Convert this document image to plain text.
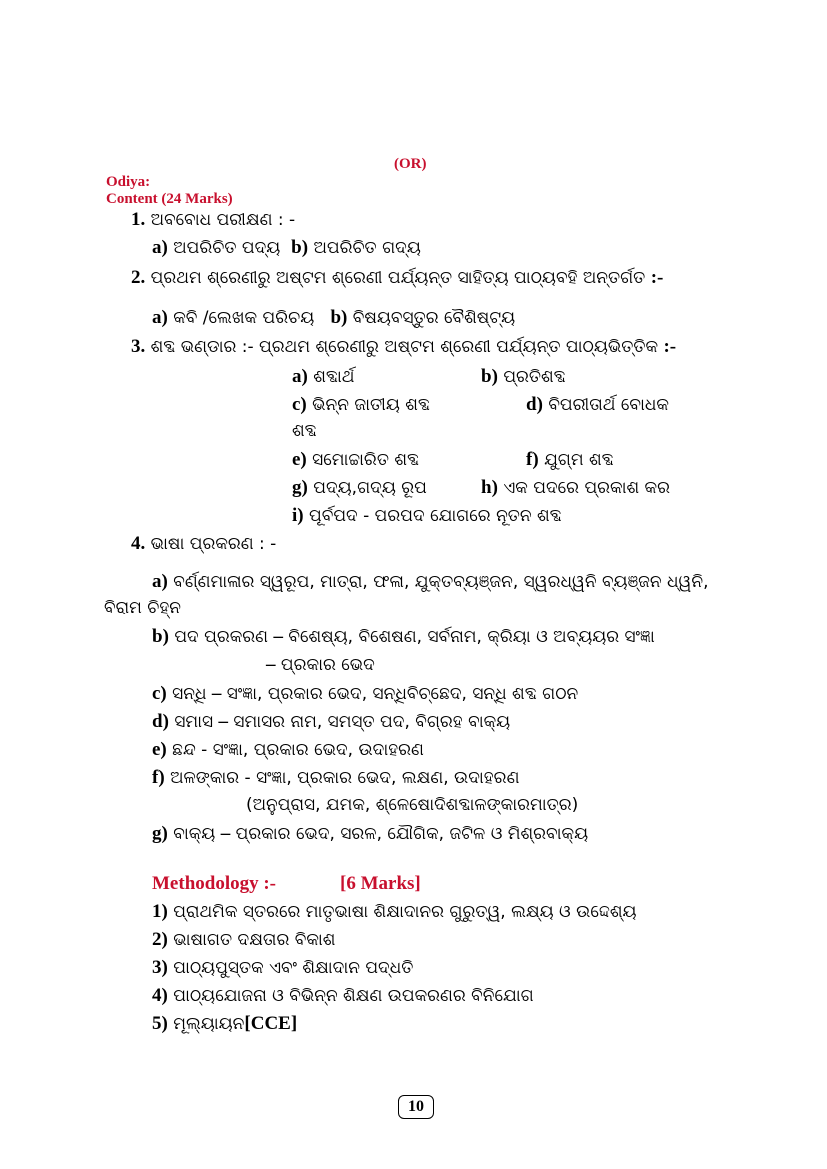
(OR)
Odiya:
Content (24 Marks)
1. ଅବବୋଧ ପରୀକ୍ଷଣ : -
a) ଅପରିଚିତ ପଦ୍ୟ b) ଅପରିଚିତ ଗଦ୍ୟ
2. ପ୍ରଥମ ଶ୍ରେଣୀରୁ ଅଷ୍ଟମ ଶ୍ରେଣୀ ପର୍ଯ୍ୟନ୍ତ ସାହିତ୍ୟ ପାଠ୍ୟବହି ଅନ୍ତର୍ଗତ :-
a) କବି /ଲେଖକ ପରିଚୟ b) ବିଷୟବସ୍ତୁର ବୈଶିଷ୍ଟ୍ୟ
3. ଶବ୍ଦ ଭଣ୍ଡାର :- ପ୍ରଥମ ଶ୍ରେଣୀରୁ ଅଷ୍ଟମ ଶ୍ରେଣୀ ପର୍ଯ୍ୟନ୍ତ ପାଠ୍ୟଭିତ୍ତିକ :-
a) ଶବ୍ଦାର୍ଥ	b) ପ୍ରତିଶବ୍ଦ
c) ଭିନ୍ନ ଜାତୀୟ ଶବ୍ଦ	d) ବିପରୀତାର୍ଥ ବୋଧକ
ଶବ୍ଦ
e) ସମୋଚ୍ଚାରିତ ଶବ୍ଦ	f) ଯୁଗ୍ମ ଶବ୍ଦ
g) ପଦ୍ୟ,ଗଦ୍ୟ ରୂପ	h) ଏକ ପଦରେ ପ୍ରକାଶ କର
i) ପୂର୍ବପଦ - ପରପଦ ଯୋଗରେ ନୂତନ ଶବ୍ଦ
4. ଭାଷା ପ୍ରକରଣ : -
a) ବର୍ଣ୍ଣମାଳାର ସ୍ୱରୂପ, ମାତ୍ରା, ଫଳା, ଯୁକ୍ତବ୍ୟଞ୍ଜନ, ସ୍ୱରଧ୍ୱନି ବ୍ୟଞ୍ଜନ ଧ୍ୱନି,
ବିରାମ ଚିହ୍ନ
b) ପଦ ପ୍ରକରଣ – ବିଶେଷ୍ୟ, ବିଶେଷଣ, ସର୍ବନାମ, କ୍ରିୟା ଓ ଅବ୍ୟୟର ସଂଜ୍ଞା
– ପ୍ରକାର ଭେଦ
c) ସନ୍ଧି – ସଂଜ୍ଞା, ପ୍ରକାର ଭେଦ, ସନ୍ଧିବିଚ୍ଛେଦ, ସନ୍ଧି ଶବ୍ଦ ଗଠନ
d) ସମାସ – ସମାସର ନାମ, ସମସ୍ତ ପଦ, ବିଗ୍ରହ ବାକ୍ୟ
e) ଛନ୍ଦ - ସଂଜ୍ଞା, ପ୍ରକାର ଭେଦ, ଉଦାହରଣ
f) ଅଳଙ୍କାର - ସଂଜ୍ଞା, ପ୍ରକାର ଭେଦ, ଲକ୍ଷଣ, ଉଦାହରଣ
(ଅନୁପ୍ରାସ, ଯମକ, ଶ୍ଳେଷୋଦିଶବ୍ଦାଳଙ୍କାରମାତ୍ର)
g) ବାକ୍ୟ – ପ୍ରକାର ଭେଦ, ସରଳ, ଯୌଗିକ, ଜଟିଳ ଓ ମିଶ୍ରବାକ୍ୟ
Methodology :-	[6 Marks]
1) ପ୍ରାଥମିକ ସ୍ତରରେ ମାତୃଭାଷା ଶିକ୍ଷାଦାନର ଗୁରୁତ୍ୱ, ଲକ୍ଷ୍ୟ ଓ ଉଦ୍ଦେଶ୍ୟ
2) ଭାଷାଗତ ଦକ୍ଷତାର ବିକାଶ
3) ପାଠ୍ୟପୁସ୍ତକ ଏବଂ ଶିକ୍ଷାଦାନ ପଦ୍ଧତି
4) ପାଠ୍ୟଯୋଜନା ଓ ବିଭିନ୍ନ ଶିକ୍ଷଣ ଉପକରଣର ବିନିଯୋଗ
5) ମୂଲ୍ୟାୟନ[CCE]
10
